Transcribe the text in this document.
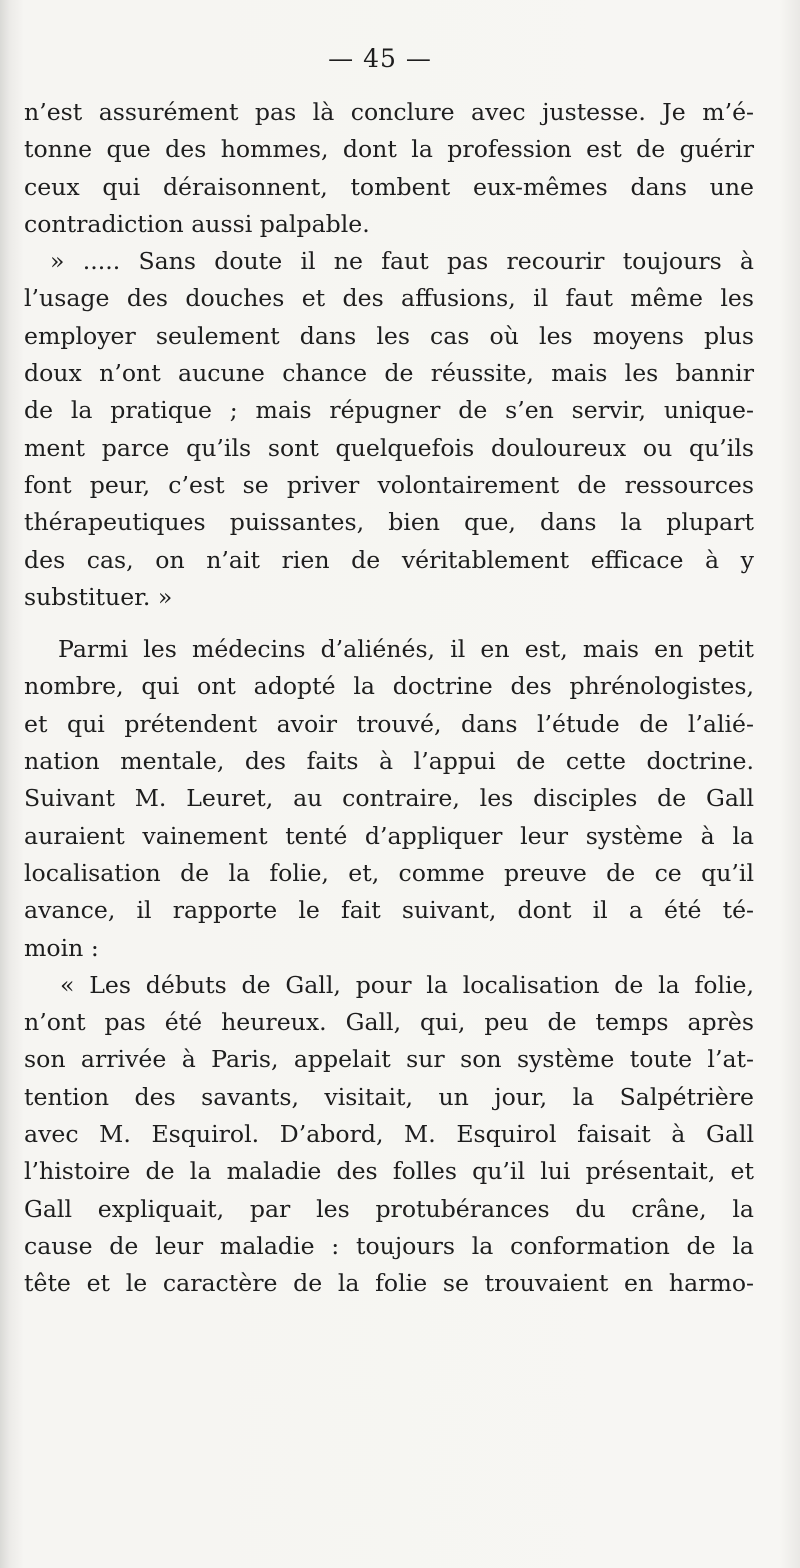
— 45 —
n’est assurément pas là conclure avec justesse. Je m’é-
tonne que des hommes, dont la profession est de guérir
ceux qui déraisonnent, tombent eux-mêmes dans une
contradiction aussi palpable.
» ..... Sans doute il ne faut pas recourir toujours à
l’usage des douches et des affusions, il faut même les
employer seulement dans les cas où les moyens plus
doux n’ont aucune chance de réussite, mais les bannir
de la pratique ; mais répugner de s’en servir, unique-
ment parce qu’ils sont quelquefois douloureux ou qu’ils
font peur, c’est se priver volontairement de ressources
thérapeutiques puissantes, bien que, dans la plupart
des cas, on n’ait rien de véritablement efficace à y
substituer. »
Parmi les médecins d’aliénés, il en est, mais en petit
nombre, qui ont adopté la doctrine des phrénologistes,
et qui prétendent avoir trouvé, dans l’étude de l’alié-
nation mentale, des faits à l’appui de cette doctrine.
Suivant M. Leuret, au contraire, les disciples de Gall
auraient vainement tenté d’appliquer leur système à la
localisation de la folie, et, comme preuve de ce qu’il
avance, il rapporte le fait suivant, dont il a été té-
moin :
« Les débuts de Gall, pour la localisation de la folie,
n’ont pas été heureux. Gall, qui, peu de temps après
son arrivée à Paris, appelait sur son système toute l’at-
tention des savants, visitait, un jour, la Salpétrière
avec M. Esquirol. D’abord, M. Esquirol faisait à Gall
l’histoire de la maladie des folles qu’il lui présentait, et
Gall expliquait, par les protubérances du crâne, la
cause de leur maladie : toujours la conformation de la
tête et le caractère de la folie se trouvaient en harmo-
